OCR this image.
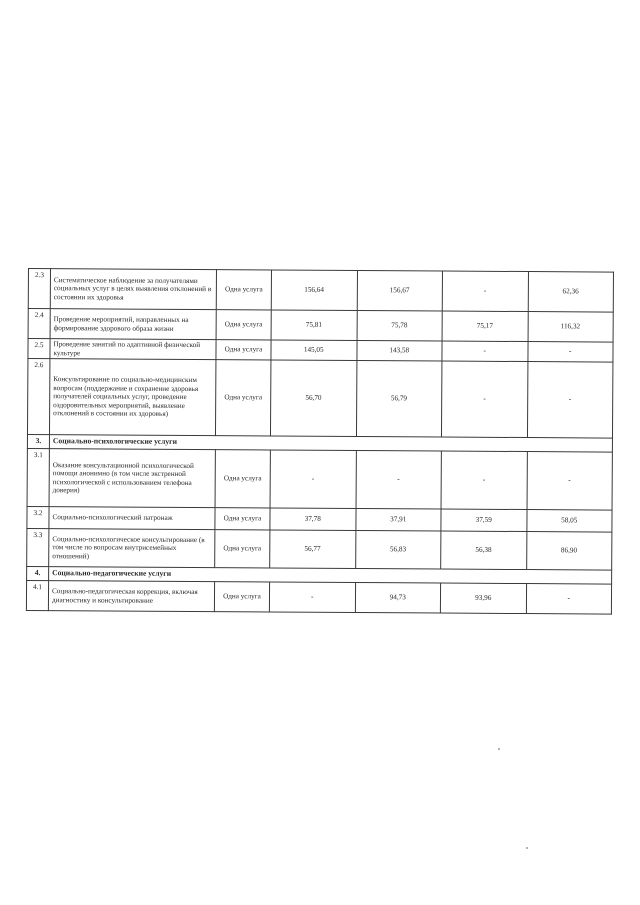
2.3	Систематическое наблюдение за получателями социальных услуг в целях выявления отклонений в состоянии их здоровья	Одна услуга	156,64	156,67	-	62,36
2.4	Проведение мероприятий, направленных на формирование здорового образа жизни	Одна услуга	75,81	75,78	75,17	116,32
2.5	Проведение занятий по адаптивной физической культуре	Одна услуга	145,05	143,58	-	-
2.6	Консультирование по социально-медицинским вопросам (поддержание и сохранение здоровья получателей социальных услуг, проведение оздоровительных мероприятий, выявление отклонений в состоянии их здоровья)	Одна услуга	56,70	56,79	-	-
3.	Социально-психологические услуги					
3.1	Оказание консультационной психологической помощи анонимно (в том числе экстренной психологической с использованием телефона доверия)	Одна услуга	-	-	-	-
3.2	Социально-психологический патронаж	Одна услуга	37,78	37,91	37,59	58,05
3.3	Социально-психологическое консультирование (в том числе по вопросам внутрисемейных отношений)	Одна услуга	56,77	56,83	56,38	86,90
4.	Социально-педагогические услуги					
4.1	Социально-педагогическая коррекция, включая диагностику и консультирование	Одна услуга	-	94,73	93,96	-
